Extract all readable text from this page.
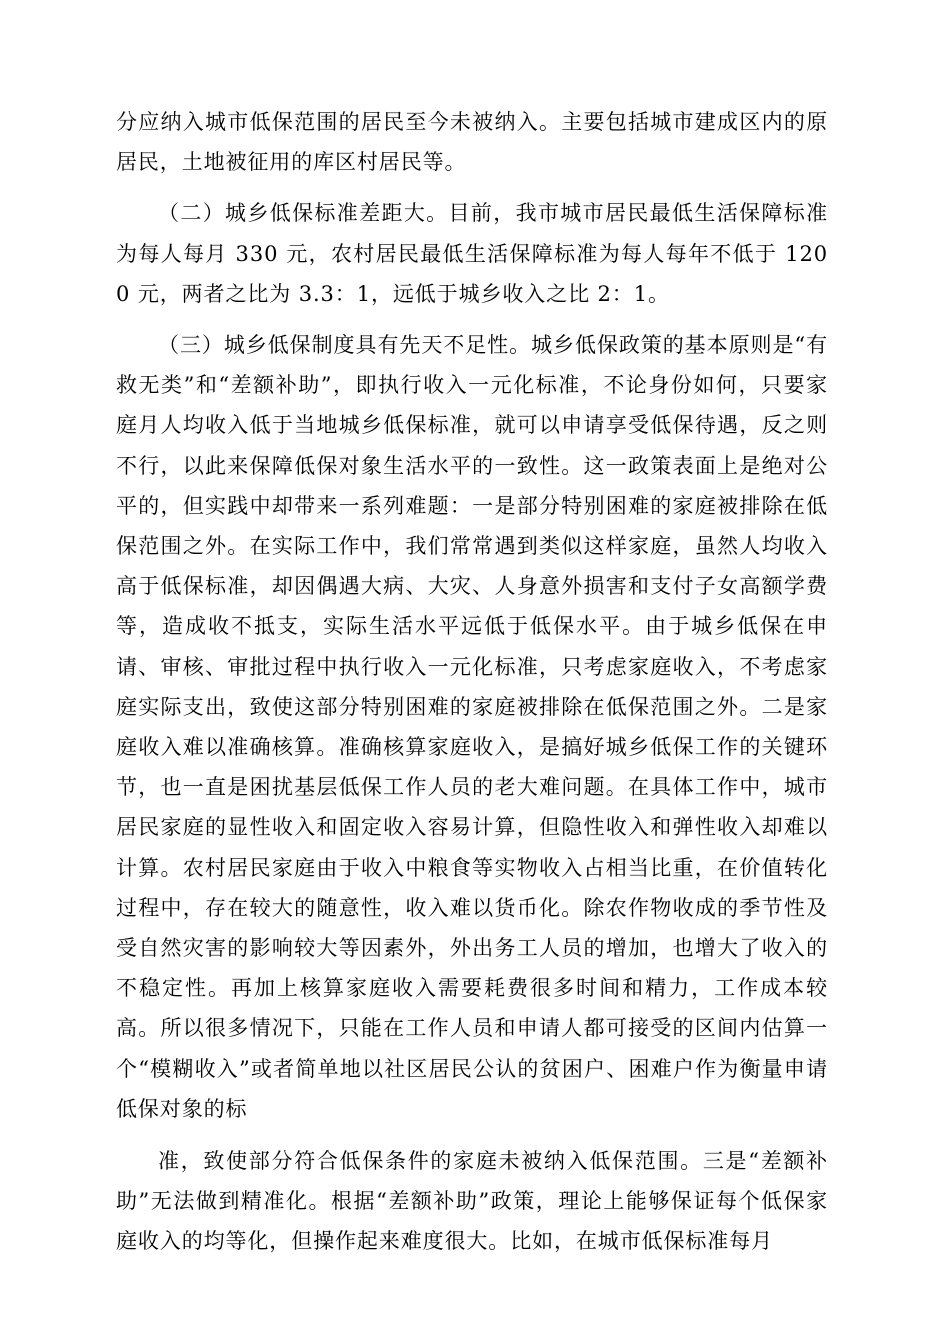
分应纳入城市低保范围的居民至今未被纳入。主要包括城市建成区内的原居民，土地被征用的库区村居民等。

（二）城乡低保标准差距大。目前，我市城市居民最低生活保障标准为每人每月 330 元，农村居民最低生活保障标准为每人每年不低于 1200 元，两者之比为 3.3：1，远低于城乡收入之比 2：1。

（三）城乡低保制度具有先天不足性。城乡低保政策的基本原则是“有救无类”和“差额补助”，即执行收入一元化标准，不论身份如何，只要家庭月人均收入低于当地城乡低保标准，就可以申请享受低保待遇，反之则不行，以此来保障低保对象生活水平的一致性。这一政策表面上是绝对公平的，但实践中却带来一系列难题：一是部分特别困难的家庭被排除在低保范围之外。在实际工作中，我们常常遇到类似这样家庭，虽然人均收入高于低保标准，却因偶遇大病、大灾、人身意外损害和支付子女高额学费等，造成收不抵支，实际生活水平远低于低保水平。由于城乡低保在申请、审核、审批过程中执行收入一元化标准，只考虑家庭收入，不考虑家庭实际支出，致使这部分特别困难的家庭被排除在低保范围之外。二是家庭收入难以准确核算。准确核算家庭收入，是搞好城乡低保工作的关键环节，也一直是困扰基层低保工作人员的老大难问题。在具体工作中，城市居民家庭的显性收入和固定收入容易计算，但隐性收入和弹性收入却难以计算。农村居民家庭由于收入中粮食等实物收入占相当比重，在价值转化过程中，存在较大的随意性，收入难以货币化。除农作物收成的季节性及受自然灾害的影响较大等因素外，外出务工人员的增加，也增大了收入的不稳定性。再加上核算家庭收入需要耗费很多时间和精力，工作成本较高。所以很多情况下，只能在工作人员和申请人都可接受的区间内估算一个“模糊收入”或者简单地以社区居民公认的贫困户、困难户作为衡量申请低保对象的标

准，致使部分符合低保条件的家庭未被纳入低保范围。三是“差额补助”无法做到精准化。根据“差额补助”政策，理论上能够保证每个低保家庭收入的均等化，但操作起来难度很大。比如，在城市低保标准每月
